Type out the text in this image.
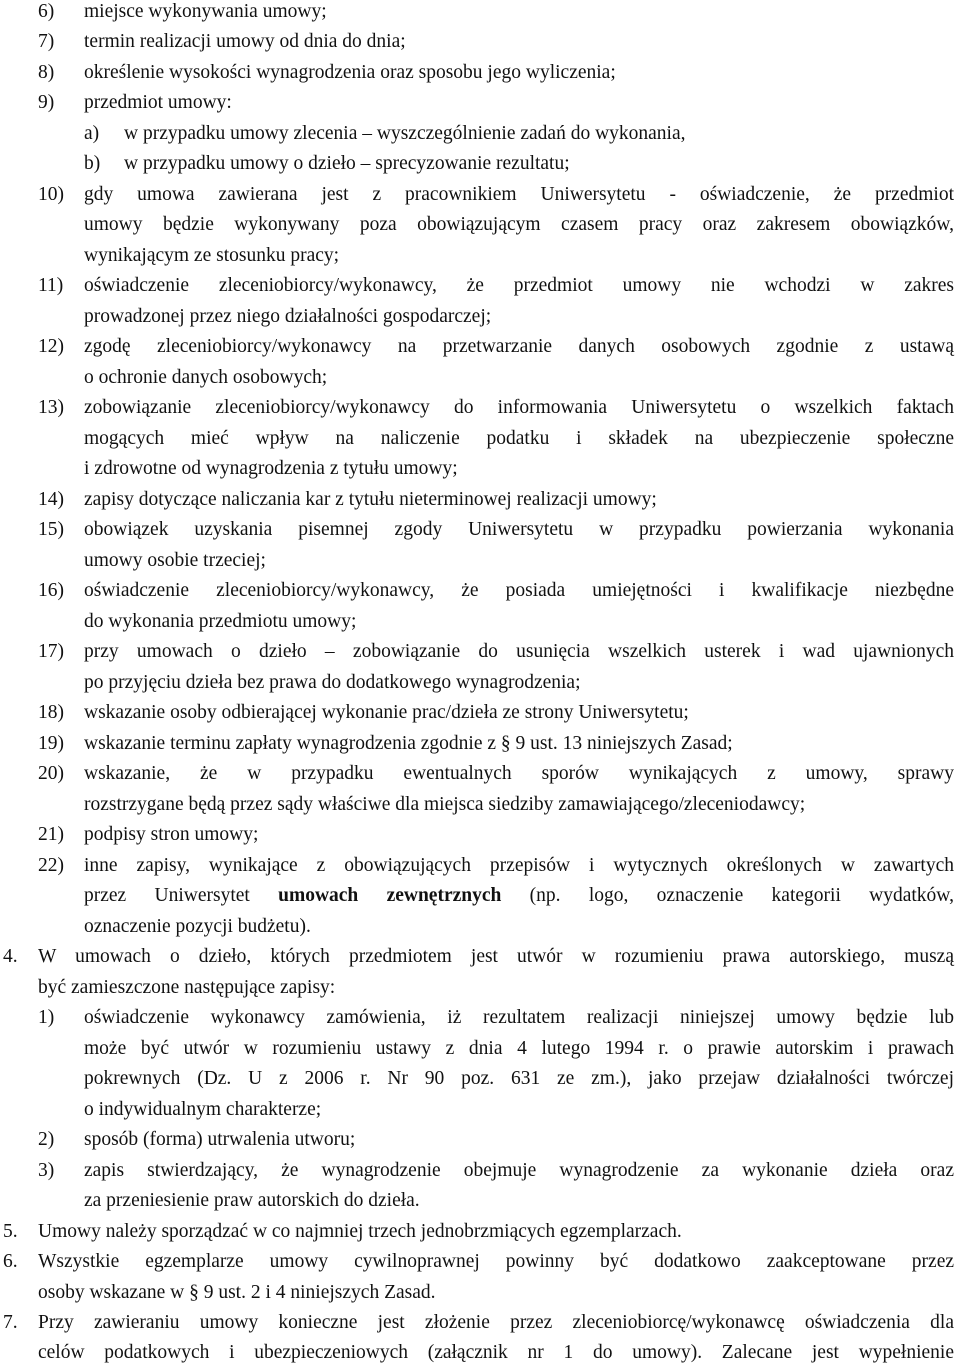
6) miejsce wykonywania umowy;
7) termin realizacji umowy od dnia do dnia;
8) określenie wysokości wynagrodzenia oraz sposobu jego wyliczenia;
9) przedmiot umowy:
a) w przypadku umowy zlecenia – wyszczególnienie zadań do wykonania,
b) w przypadku umowy o dzieło – sprecyzowanie rezultatu;
10) gdy umowa zawierana jest z pracownikiem Uniwersytetu - oświadczenie, że przedmiot
umowy będzie wykonywany poza obowiązującym czasem pracy oraz zakresem obowiązków,
wynikającym ze stosunku pracy;
11) oświadczenie zleceniobiorcy/wykonawcy, że przedmiot umowy nie wchodzi w zakres
prowadzonej przez niego działalności gospodarczej;
12) zgodę zleceniobiorcy/wykonawcy na przetwarzanie danych osobowych zgodnie z ustawą
o ochronie danych osobowych;
13) zobowiązanie zleceniobiorcy/wykonawcy do informowania Uniwersytetu o wszelkich faktach
mogących mieć wpływ na naliczenie podatku i składek na ubezpieczenie społeczne
i zdrowotne od wynagrodzenia z tytułu umowy;
14) zapisy dotyczące naliczania kar z tytułu nieterminowej realizacji umowy;
15) obowiązek uzyskania pisemnej zgody Uniwersytetu w przypadku powierzania wykonania
umowy osobie trzeciej;
16) oświadczenie zleceniobiorcy/wykonawcy, że posiada umiejętności i kwalifikacje niezbędne
do wykonania przedmiotu umowy;
17) przy umowach o dzieło – zobowiązanie do usunięcia wszelkich usterek i wad ujawnionych
po przyjęciu dzieła bez prawa do dodatkowego wynagrodzenia;
18) wskazanie osoby odbierającej wykonanie prac/dzieła ze strony Uniwersytetu;
19) wskazanie terminu zapłaty wynagrodzenia zgodnie z § 9 ust. 13 niniejszych Zasad;
20) wskazanie, że w przypadku ewentualnych sporów wynikających z umowy, sprawy
rozstrzygane będą przez sądy właściwe dla miejsca siedziby zamawiającego/zleceniodawcy;
21) podpisy stron umowy;
22) inne zapisy, wynikające z obowiązujących przepisów i wytycznych określonych w zawartych
przez Uniwersytet umowach zewnętrznych (np. logo, oznaczenie kategorii wydatków,
oznaczenie pozycji budżetu).
4. W umowach o dzieło, których przedmiotem jest utwór w rozumieniu prawa autorskiego, muszą
być zamieszczone następujące zapisy:
1) oświadczenie wykonawcy zamówienia, iż rezultatem realizacji niniejszej umowy będzie lub
może być utwór w rozumieniu ustawy z dnia 4 lutego 1994 r. o prawie autorskim i prawach
pokrewnych (Dz. U z 2006 r. Nr 90 poz. 631 ze zm.), jako przejaw działalności twórczej
o indywidualnym charakterze;
2) sposób (forma) utrwalenia utworu;
3) zapis stwierdzający, że wynagrodzenie obejmuje wynagrodzenie za wykonanie dzieła oraz
za przeniesienie praw autorskich do dzieła.
5. Umowy należy sporządzać w co najmniej trzech jednobrzmiących egzemplarzach.
6. Wszystkie egzemplarze umowy cywilnoprawnej powinny być dodatkowo zaakceptowane przez
osoby wskazane w § 9 ust. 2 i 4 niniejszych Zasad.
7. Przy zawieraniu umowy konieczne jest złożenie przez zleceniobiorcę/wykonawcę oświadczenia dla
celów podatkowych i ubezpieczeniowych (załącznik nr 1 do umowy). Zalecane jest wypełnienie
